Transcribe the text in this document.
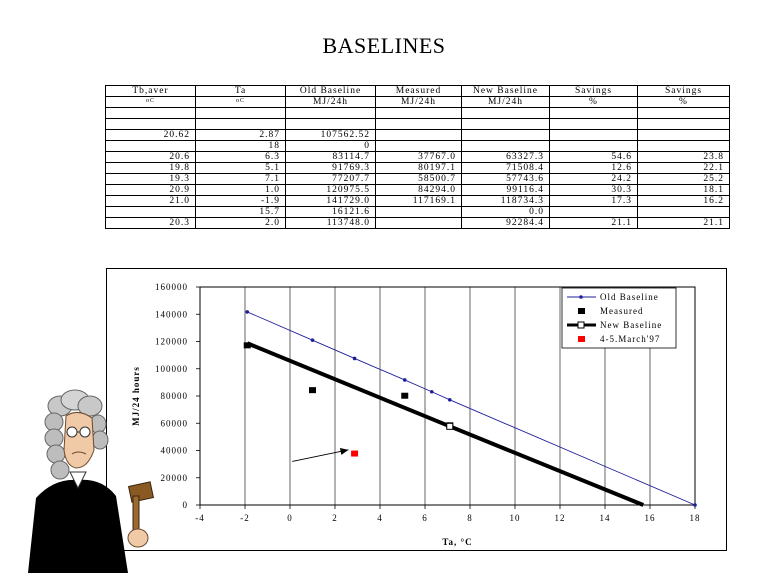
BASELINES
Tb,aver	Ta	Old Baseline	Measured	New Baseline	Savings	Savings
oC	oC	MJ/24h	MJ/24h	MJ/24h	%	%

20.62	2.87	107562.52				
	18	0				
20.6	6.3	83114.7	37767.0	63327.3	54.6	23.8
19.8	5.1	91769.3	80197.1	71508.4	12.6	22.1
19.3	7.1	77207.7	58500.7	57743.6	24.2	25.2
20.9	1.0	120975.5	84294.0	99116.4	30.3	18.1
21.0	-1.9	141729.0	117169.1	118734.3	17.3	16.2
	15.7	16121.6		0.0		
20.3	2.0	113748.0		92284.4	21.1	21.1
-4	-2	0	2	4	6	8	10	12	14	16	18
0
20000
40000
60000
80000
100000
120000
140000
160000
Ta, °C
MJ/24 hours
Old Baseline
Measured
New Baseline
4-5.March'97
